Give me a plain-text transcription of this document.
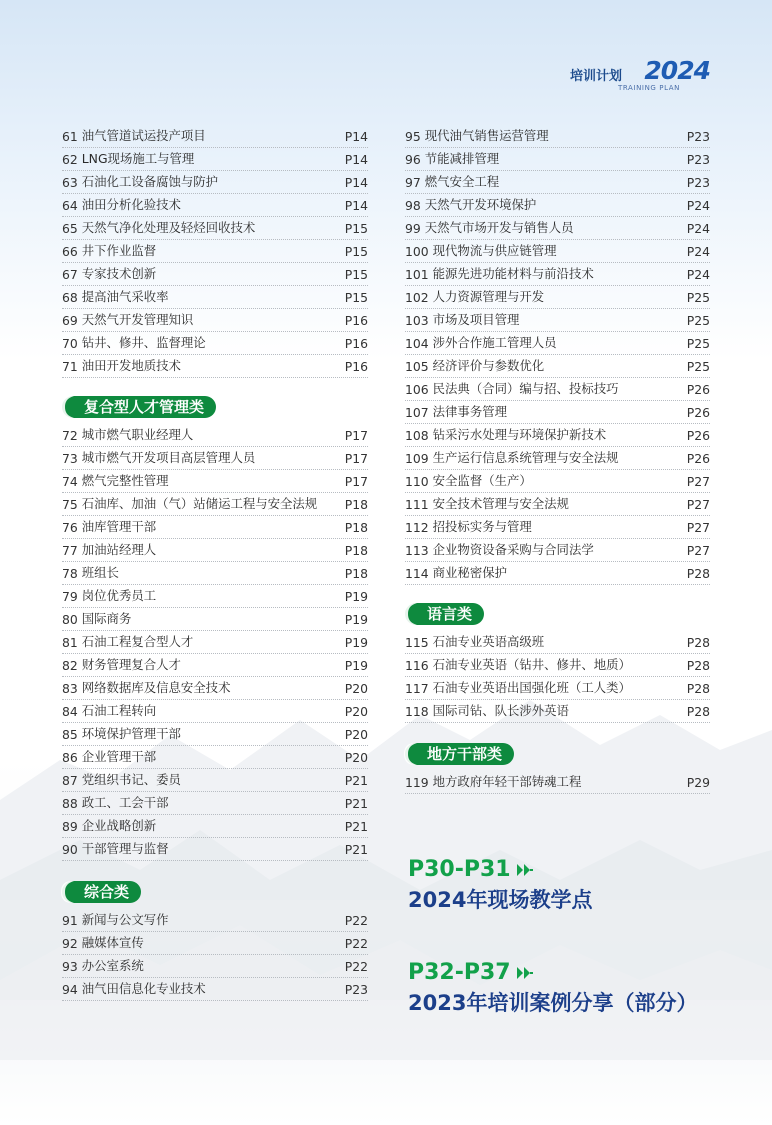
培训计划 2024
TRAINING PLAN
61 油气管道试运投产项目	P14
62 LNG现场施工与管理	P14
63 石油化工设备腐蚀与防护	P14
64 油田分析化验技术	P14
65 天然气净化处理及轻烃回收技术	P15
66 井下作业监督	P15
67 专家技术创新	P15
68 提高油气采收率	P15
69 天然气开发管理知识	P16
70 钻井、修井、监督理论	P16
71 油田开发地质技术	P16
复合型人才管理类
72 城市燃气职业经理人	P17
73 城市燃气开发项目高层管理人员	P17
74 燃气完整性管理	P17
75 石油库、加油（气）站储运工程与安全法规	P18
76 油库管理干部	P18
77 加油站经理人	P18
78 班组长	P18
79 岗位优秀员工	P19
80 国际商务	P19
81 石油工程复合型人才	P19
82 财务管理复合人才	P19
83 网络数据库及信息安全技术	P20
84 石油工程转向	P20
85 环境保护管理干部	P20
86 企业管理干部	P20
87 党组织书记、委员	P21
88 政工、工会干部	P21
89 企业战略创新	P21
90 干部管理与监督	P21
综合类
91 新闻与公文写作	P22
92 融媒体宣传	P22
93 办公室系统	P22
94 油气田信息化专业技术	P23
95 现代油气销售运营管理	P23
96 节能减排管理	P23
97 燃气安全工程	P23
98 天然气开发环境保护	P24
99 天然气市场开发与销售人员	P24
100 现代物流与供应链管理	P24
101 能源先进功能材料与前沿技术	P24
102 人力资源管理与开发	P25
103 市场及项目管理	P25
104 涉外合作施工管理人员	P25
105 经济评价与参数优化	P25
106 民法典（合同）编与招、投标技巧	P26
107 法律事务管理	P26
108 钻采污水处理与环境保护新技术	P26
109 生产运行信息系统管理与安全法规	P26
110 安全监督（生产）	P27
111 安全技术管理与安全法规	P27
112 招投标实务与管理	P27
113 企业物资设备采购与合同法学	P27
114 商业秘密保护	P28
语言类
115 石油专业英语高级班	P28
116 石油专业英语（钻井、修井、地质）	P28
117 石油专业英语出国强化班（工人类）	P28
118 国际司钻、队长涉外英语	P28
地方干部类
119 地方政府年轻干部铸魂工程	P29
P30-P31
2024年现场教学点
P32-P37
2023年培训案例分享（部分）
